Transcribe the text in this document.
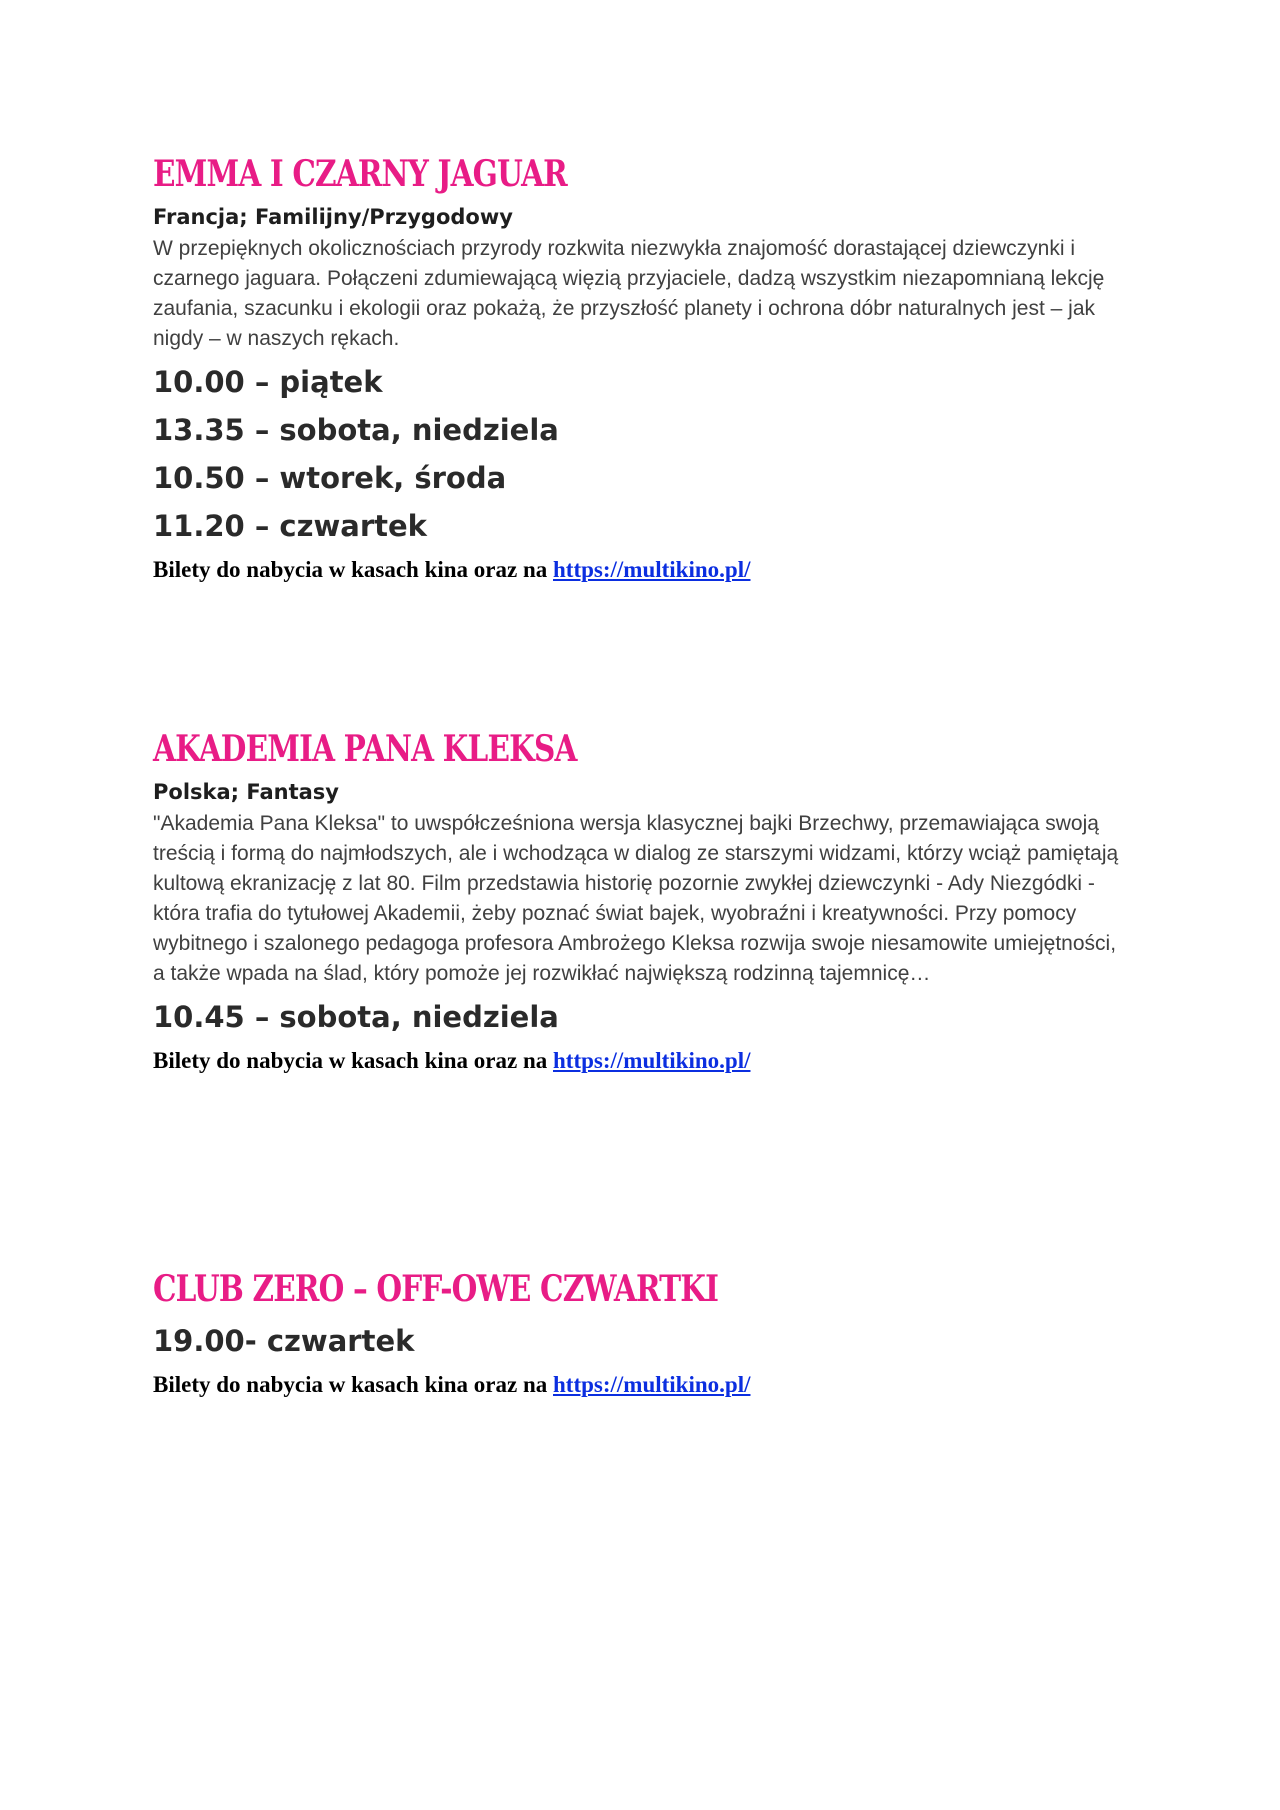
EMMA I CZARNY JAGUAR
Francja; Familijny/Przygodowy

W przepięknych okolicznościach przyrody rozkwita niezwykła znajomość dorastającej dziewczynki i czarnego jaguara. Połączeni zdumiewającą więzią przyjaciele, dadzą wszystkim niezapomnianą lekcję zaufania, szacunku i ekologii oraz pokażą, że przyszłość planety i ochrona dóbr naturalnych jest – jak nigdy – w naszych rękach.

10.00 – piątek
13.35 – sobota, niedziela
10.50 – wtorek, środa
11.20 – czwartek
Bilety do nabycia w kasach kina oraz na https://multikino.pl/
AKADEMIA PANA KLEKSA
Polska; Fantasy

"Akademia Pana Kleksa" to uwspółcześniona wersja klasycznej bajki Brzechwy, przemawiająca swoją treścią i formą do najmłodszych, ale i wchodząca w dialog ze starszymi widzami, którzy wciąż pamiętają kultową ekranizację z lat 80. Film przedstawia historię pozornie zwykłej dziewczynki - Ady Niezgódki - która trafia do tytułowej Akademii, żeby poznać świat bajek, wyobraźni i kreatywności. Przy pomocy wybitnego i szalonego pedagoga profesora Ambrożego Kleksa rozwija swoje niesamowite umiejętności, a także wpada na ślad, który pomoże jej rozwikłać największą rodzinną tajemnicę…

10.45 – sobota, niedziela
Bilety do nabycia w kasach kina oraz na https://multikino.pl/
CLUB ZERO – OFF-OWE CZWARTKI
19.00- czwartek
Bilety do nabycia w kasach kina oraz na https://multikino.pl/
